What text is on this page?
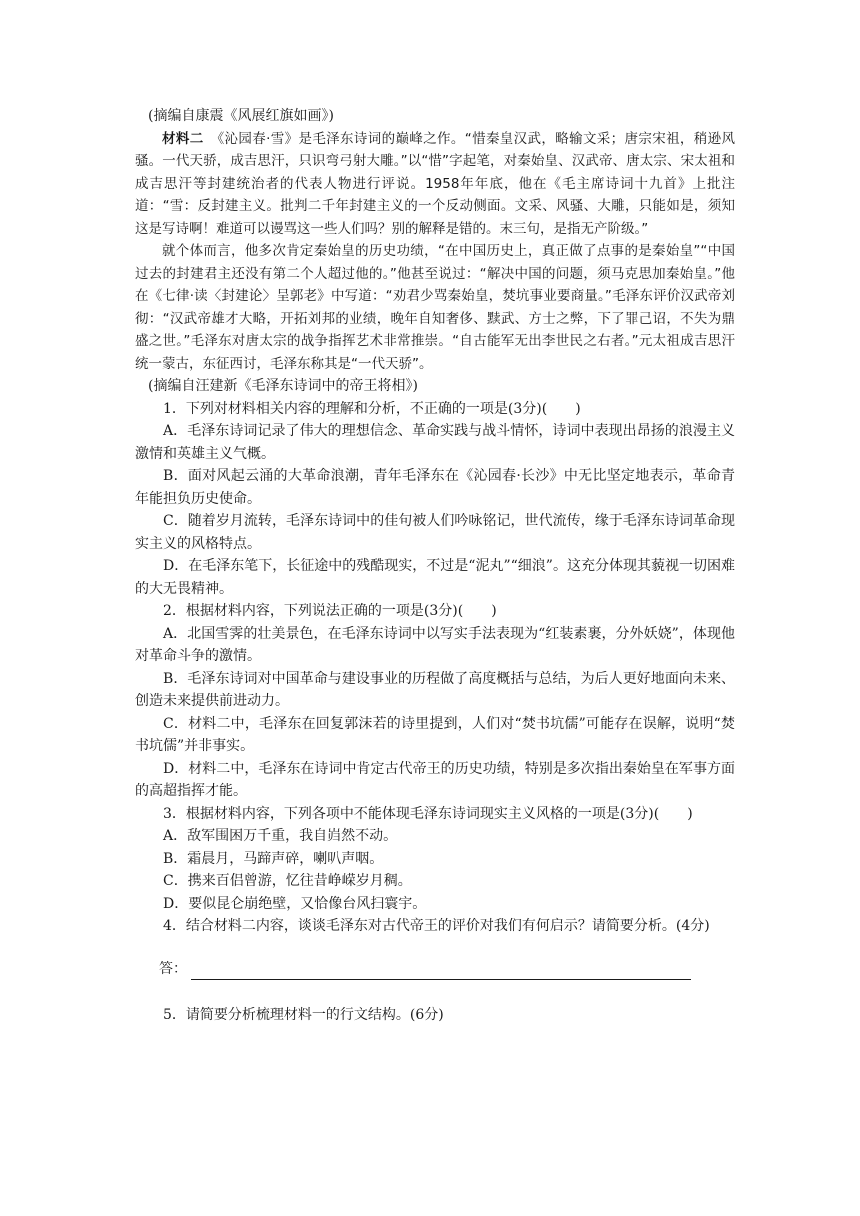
(摘编自康震《风展红旗如画》)

材料二　 《沁园春·雪》是毛泽东诗词的巅峰之作。“惜秦皇汉武，略输文采；唐宗宋祖，稍逊风骚。一代天骄，成吉思汗，只识弯弓射大雕。”以“惜”字起笔，对秦始皇、汉武帝、唐太宗、宋太祖和成吉思汗等封建统治者的代表人物进行评说。1958年年底，他在《毛主席诗词十九首》上批注道：“雪：反封建主义。批判二千年封建主义的一个反动侧面。文采、风骚、大雕，只能如是，须知这是写诗啊！难道可以谩骂这一些人们吗？别的解释是错的。末三句，是指无产阶级。”

就个体而言，他多次肯定秦始皇的历史功绩，“在中国历史上，真正做了点事的是秦始皇”“中国过去的封建君主还没有第二个人超过他的。”他甚至说过：“解决中国的问题，须马克思加秦始皇。”他在《七律·读〈封建论〉呈郭老》中写道：“劝君少骂秦始皇，焚坑事业要商量。”毛泽东评价汉武帝刘彻：“汉武帝雄才大略，开拓刘邦的业绩，晚年自知奢侈、黩武、方士之弊，下了罪己诏，不失为鼎盛之世。”毛泽东对唐太宗的战争指挥艺术非常推崇。“自古能军无出李世民之右者。”元太祖成吉思汗统一蒙古，东征西讨，毛泽东称其是“一代天骄”。

(摘编自汪建新《毛泽东诗词中的帝王将相》)

1．下列对材料相关内容的理解和分析，不正确的一项是(3分)(　　)

A．毛泽东诗词记录了伟大的理想信念、革命实践与战斗情怀，诗词中表现出昂扬的浪漫主义激情和英雄主义气概。

B．面对风起云涌的大革命浪潮，青年毛泽东在《沁园春·长沙》中无比坚定地表示，革命青年能担负历史使命。

C．随着岁月流转，毛泽东诗词中的佳句被人们吟咏铭记，世代流传，缘于毛泽东诗词革命现实主义的风格特点。

D．在毛泽东笔下，长征途中的残酷现实，不过是“泥丸”“细浪”。这充分体现其藐视一切困难的大无畏精神。

2．根据材料内容，下列说法正确的一项是(3分)(　　)

A．北国雪霁的壮美景色，在毛泽东诗词中以写实手法表现为“红装素裹，分外妖娆”，体现他对革命斗争的激情。

B．毛泽东诗词对中国革命与建设事业的历程做了高度概括与总结，为后人更好地面向未来、创造未来提供前进动力。

C．材料二中，毛泽东在回复郭沫若的诗里提到，人们对“焚书坑儒”可能存在误解，说明“焚书坑儒”并非事实。

D．材料二中，毛泽东在诗词中肯定古代帝王的历史功绩，特别是多次指出秦始皇在军事方面的高超指挥才能。

3．根据材料内容，下列各项中不能体现毛泽东诗词现实主义风格的一项是(3分)(　　)

A．敌军围困万千重，我自岿然不动。

B．霜晨月，马蹄声碎，喇叭声咽。

C．携来百侣曾游，忆往昔峥嵘岁月稠。

D．要似昆仑崩绝壁，又恰像台风扫寰宇。

4．结合材料二内容，谈谈毛泽东对古代帝王的评价对我们有何启示？请简要分析。(4分)

答：

5．请简要分析梳理材料一的行文结构。(6分)
